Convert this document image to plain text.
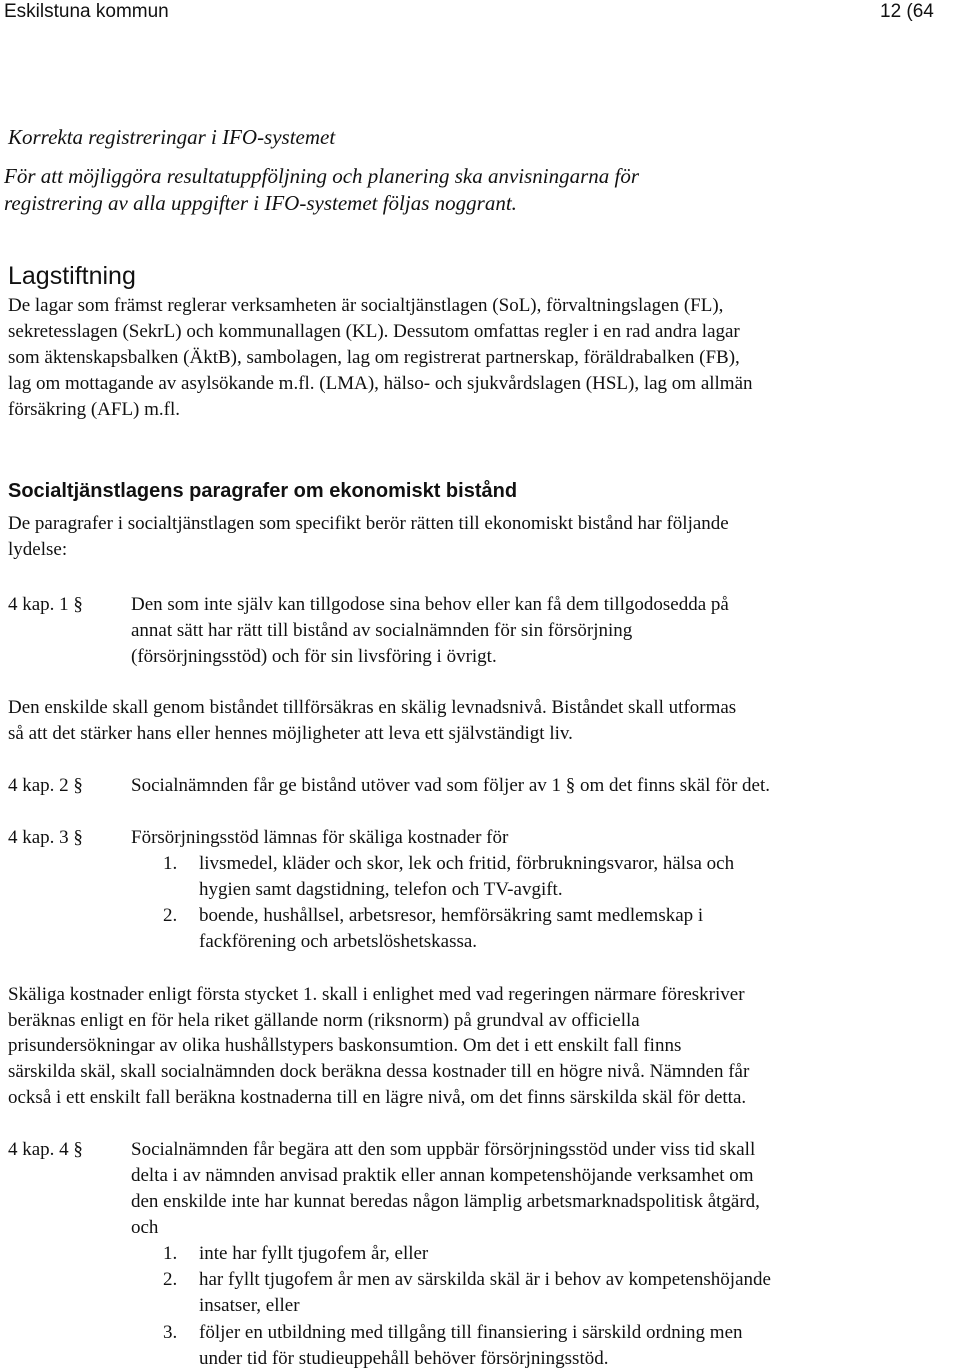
Eskilstuna kommun	12 (64
Korrekta registreringar i IFO-systemet
För att möjliggöra resultatuppföljning och planering ska anvisningarna för
registrering av alla uppgifter i IFO-systemet följas noggrant.
Lagstiftning
De lagar som främst reglerar verksamheten är socialtjänstlagen (SoL), förvaltningslagen (FL),
sekretesslagen (SekrL) och kommunallagen (KL). Dessutom omfattas regler i en rad andra lagar
som äktenskapsbalken (ÄktB), sambolagen, lag om registrerat partnerskap, föräldrabalken (FB),
lag om mottagande av asylsökande m.fl. (LMA), hälso- och sjukvårdslagen (HSL), lag om allmän
försäkring (AFL) m.fl.
Socialtjänstlagens paragrafer om ekonomiskt bistånd
De paragrafer i socialtjänstlagen som specifikt berör rätten till ekonomiskt bistånd har följande
lydelse:
4 kap. 1 §	Den som inte själv kan tillgodose sina behov eller kan få dem tillgodosedda på
annat sätt har rätt till bistånd av socialnämnden för sin försörjning
(försörjningsstöd) och för sin livsföring i övrigt.
Den enskilde skall genom biståndet tillförsäkras en skälig levnadsnivå. Biståndet skall utformas
så att det stärker hans eller hennes möjligheter att leva ett självständigt liv.
4 kap. 2 §	Socialnämnden får ge bistånd utöver vad som följer av 1 § om det finns skäl för det.
4 kap. 3 §	Försörjningsstöd lämnas för skäliga kostnader för
1. livsmedel, kläder och skor, lek och fritid, förbrukningsvaror, hälsa och
hygien samt dagstidning, telefon och TV-avgift.
2. boende, hushållsel, arbetsresor, hemförsäkring samt medlemskap i
fackförening och arbetslöshetskassa.
Skäliga kostnader enligt första stycket 1. skall i enlighet med vad regeringen närmare föreskriver
beräknas enligt en för hela riket gällande norm (riksnorm) på grundval av officiella
prisundersökningar av olika hushållstypers baskonsumtion. Om det i ett enskilt fall finns
särskilda skäl, skall socialnämnden dock beräkna dessa kostnader till en högre nivå. Nämnden får
också i ett enskilt fall beräkna kostnaderna till en lägre nivå, om det finns särskilda skäl för detta.
4 kap. 4 §	Socialnämnden får begära att den som uppbär försörjningsstöd under viss tid skall
delta i av nämnden anvisad praktik eller annan kompetenshöjande verksamhet om
den enskilde inte har kunnat beredas någon lämplig arbetsmarknadspolitisk åtgärd,
och
1. inte har fyllt tjugofem år, eller
2. har fyllt tjugofem år men av särskilda skäl är i behov av kompetenshöjande
insatser, eller
3. följer en utbildning med tillgång till finansiering i särskild ordning men
under tid för studieuppehåll behöver försörjningsstöd.
